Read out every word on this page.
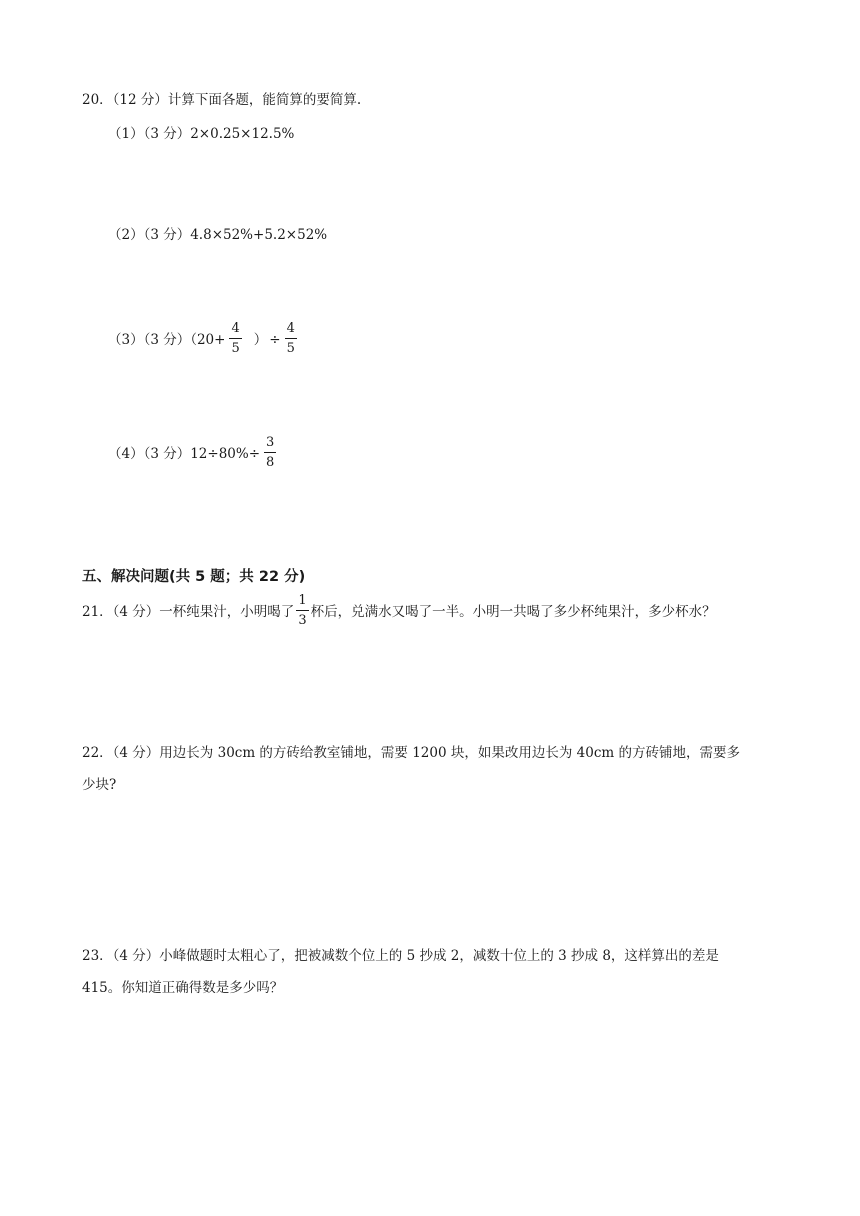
20．（12 分）计算下面各题，能简算的要简算.
（1）（3 分）2×0.25×12.5%
（2）（3 分）4.8×52%+5.2×52%
（3）（3 分）（$20+ \frac{4}{5}$ ） ÷ $\frac{4}{5}$
（4）（3 分）$12\div 80\%\div \frac{3}{8}$
五、解决问题(共 5 题；共 22 分)
21．（4 分）一杯纯果汁，小明喝了 $\frac{1}{3}$ 杯后，兑满水又喝了一半。小明一共喝了多少杯纯果汁，多少杯水？
22．（4 分）用边长为 30cm 的方砖给教室铺地，需要 1200 块，如果改用边长为 40cm 的方砖铺地，需要多
少块?
23．（4 分）小峰做题时太粗心了，把被减数个位上的 5 抄成 2，减数十位上的 3 抄成 8，这样算出的差是
415。你知道正确得数是多少吗？
